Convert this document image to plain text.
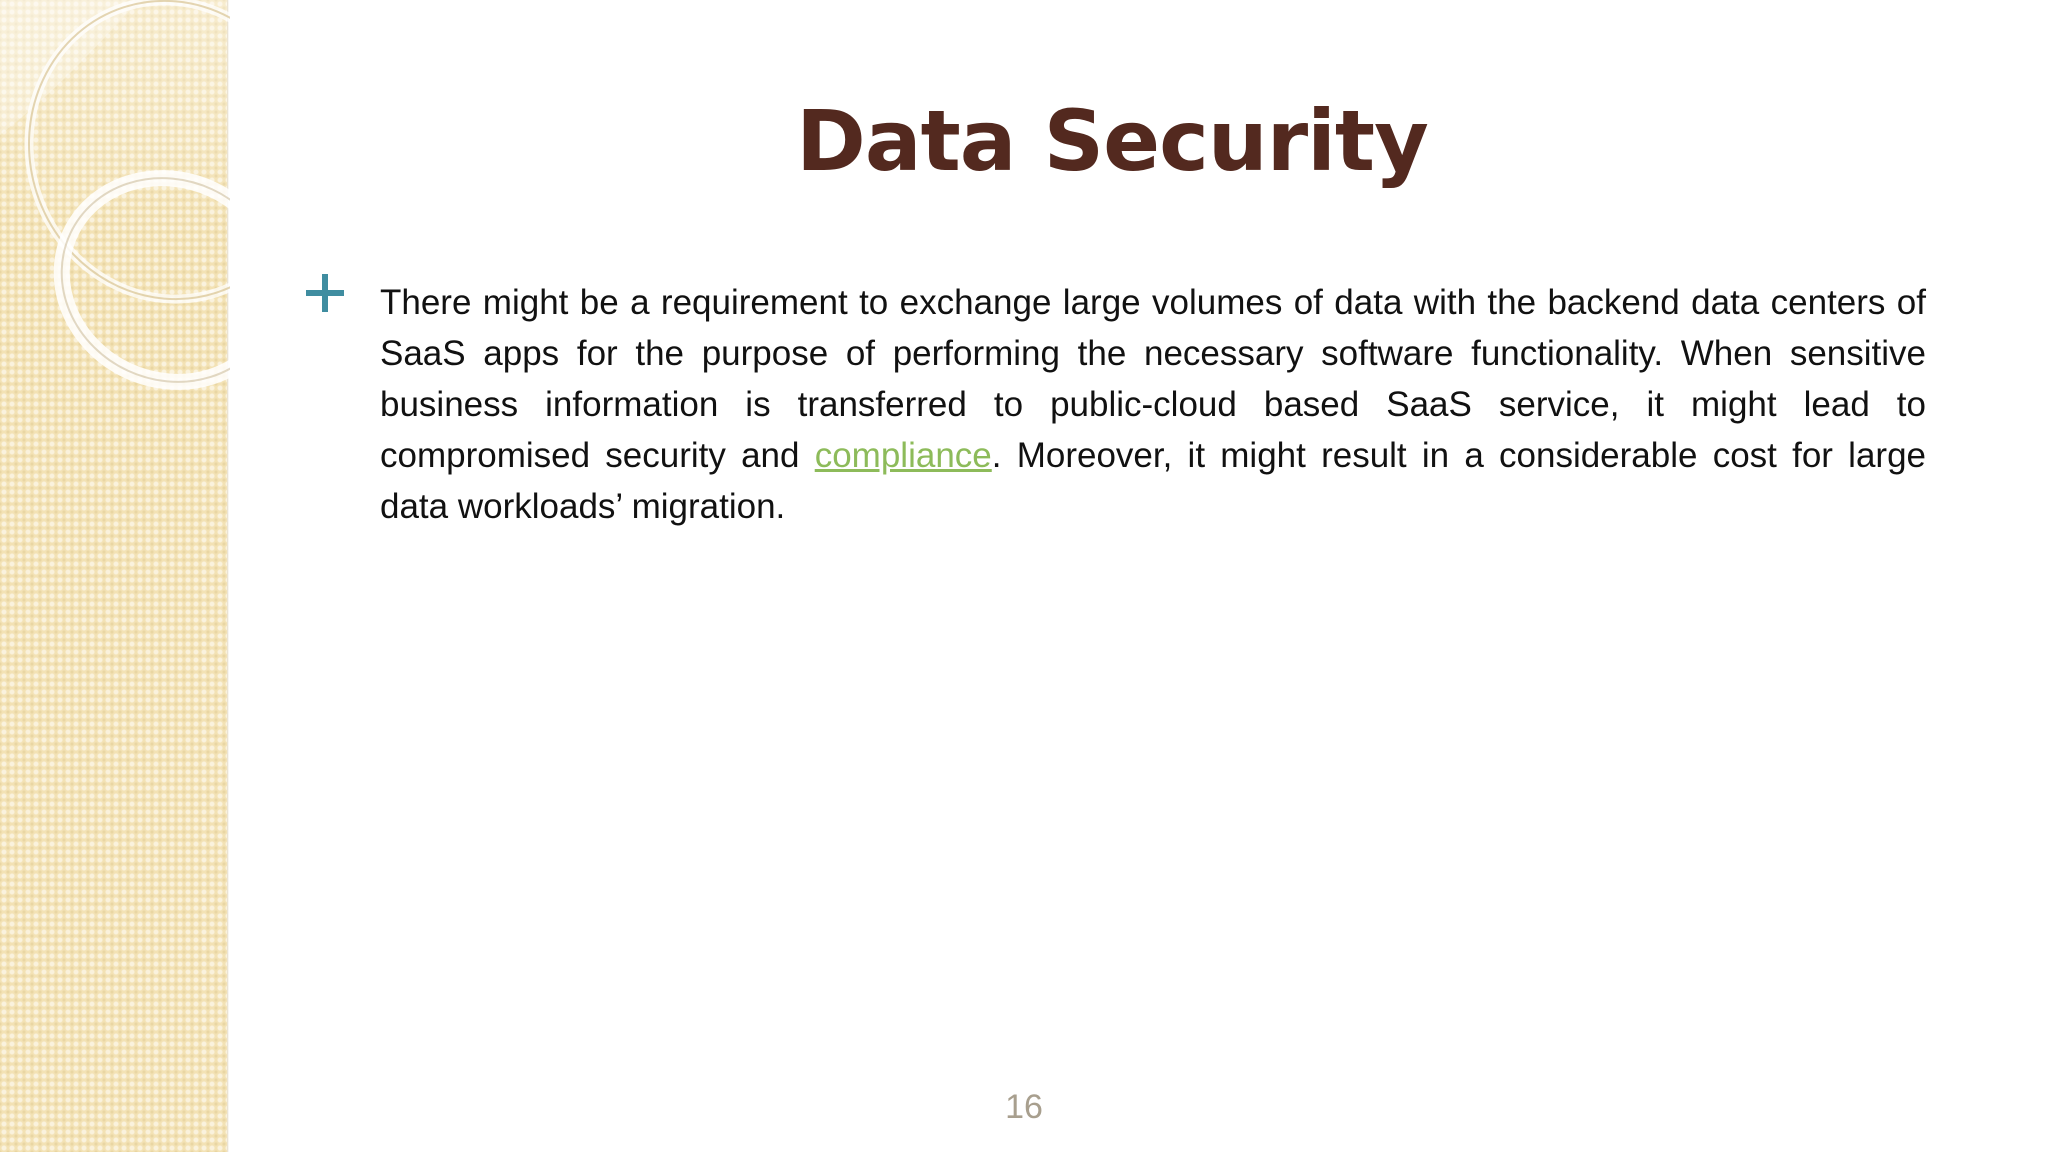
Data Security

There might be a requirement to exchange large volumes of data with the backend data centers of SaaS apps for the purpose of performing the necessary software functionality. When sensitive business information is transferred to public-cloud based SaaS service, it might lead to compromised security and compliance. Moreover, it might result in a considerable cost for large data workloads’ migration.

16
